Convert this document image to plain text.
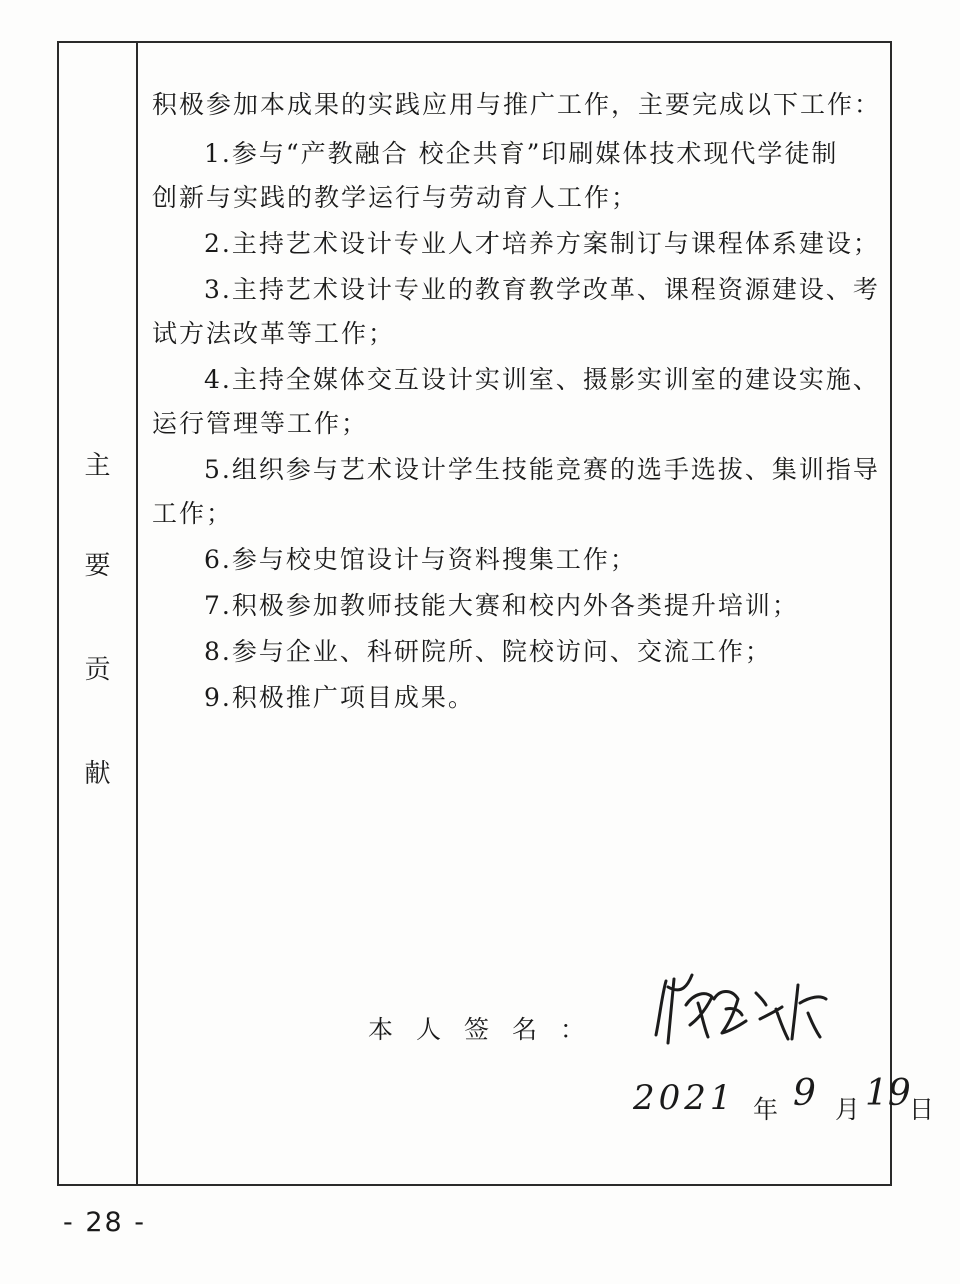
主
要
贡
献
积极参加本成果的实践应用与推广工作，主要完成以下工作：
1.参与“产教融合 校企共育”印刷媒体技术现代学徒制
创新与实践的教学运行与劳动育人工作；
2.主持艺术设计专业人才培养方案制订与课程体系建设；
3.主持艺术设计专业的教育教学改革、课程资源建设、考
试方法改革等工作；
4.主持全媒体交互设计实训室、摄影实训室的建设实施、
运行管理等工作；
5.组织参与艺术设计学生技能竞赛的选手选拔、集训指导
工作；
6.参与校史馆设计与资料搜集工作；
7.积极参加教师技能大赛和校内外各类提升培训；
8.参与企业、科研院所、院校访问、交流工作；
9.积极推广项目成果。
本人签名：
2021 年 9 月 19
日
- 28 -
